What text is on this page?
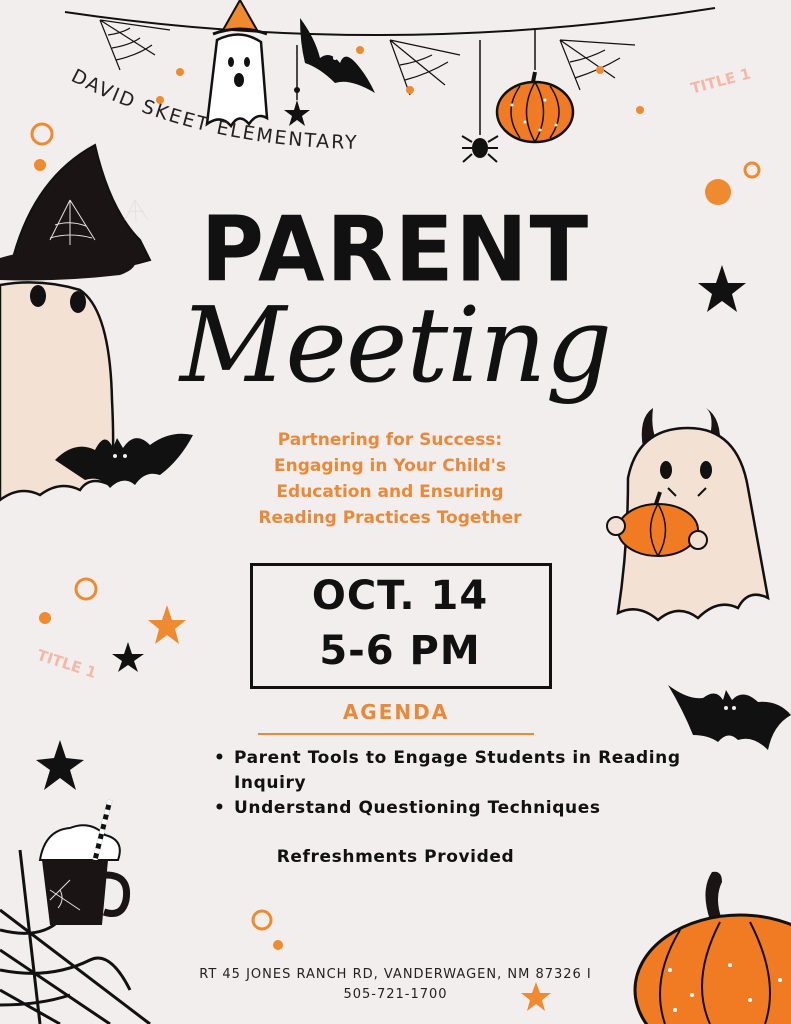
TITLE 1
TITLE 1
DAVID SKEET ELEMENTARY
PARENT
Meeting
Partnering for Success:
Engaging in Your Child's
Education and Ensuring
Reading Practices Together
OCT. 14
5-6 PM
AGENDA
• Parent Tools to Engage Students in Reading Inquiry
• Understand Questioning Techniques
Refreshments Provided
RT 45 JONES RANCH RD, VANDERWAGEN, NM 87326 I
505-721-1700
